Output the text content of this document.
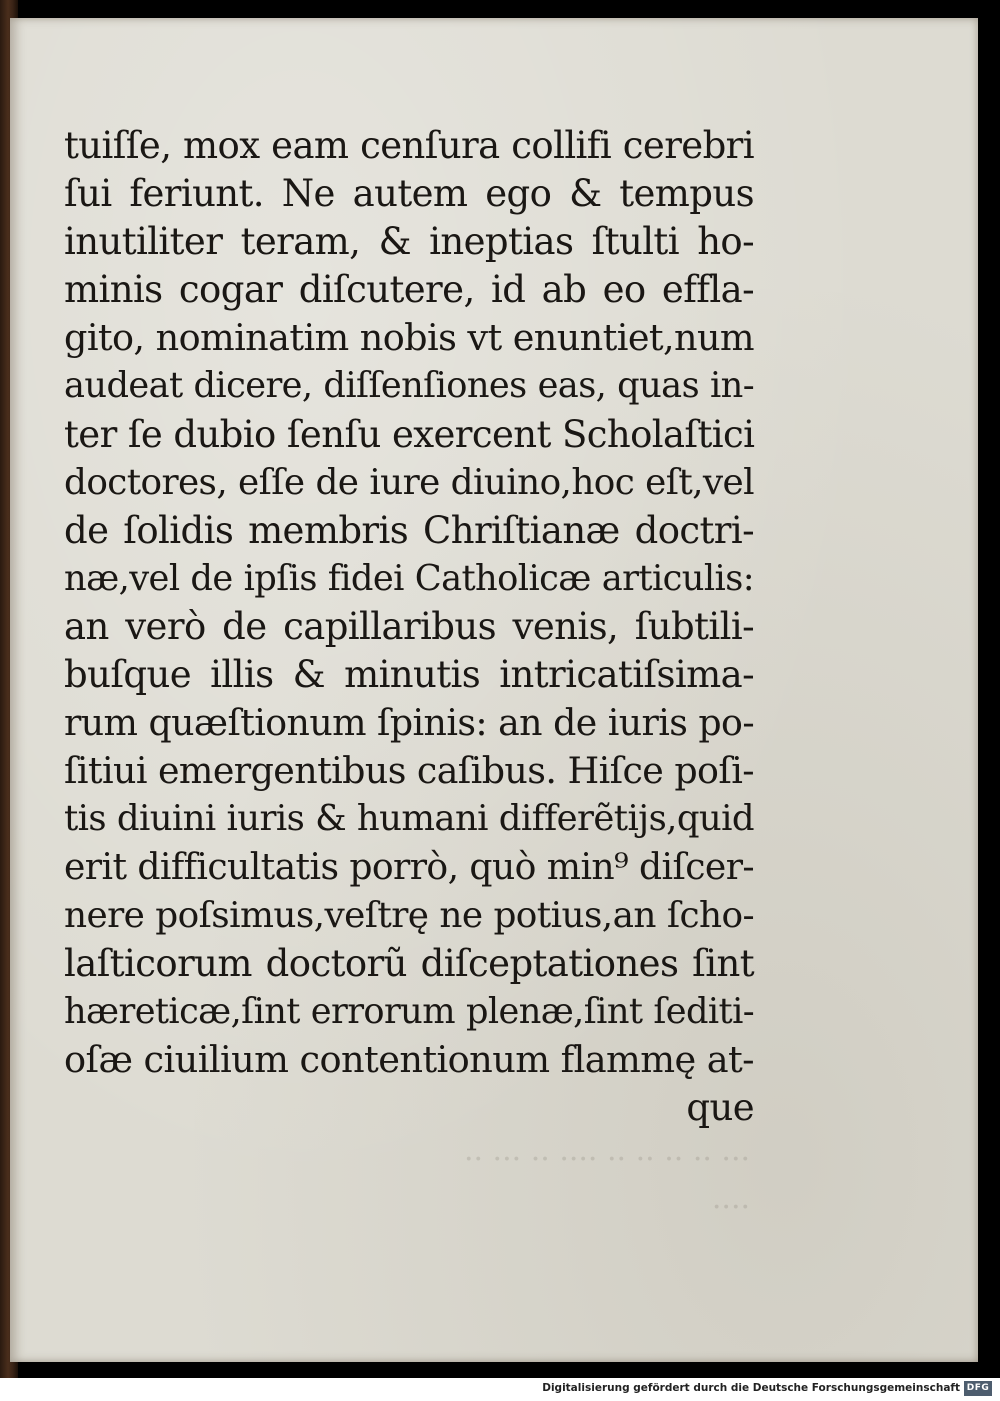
tuiſſe, mox eam cenſura collifi cerebri
ſui feriunt. Ne autem ego & tempus
inutiliter teram, & ineptias ſtulti ho-
minis cogar diſcutere, id ab eo effla-
gito, nominatim nobis vt enuntiet,num
audeat dicere, diſſenſiones eas, quas in-
ter ſe dubio ſenſu exercent Scholaſtici
doctores, eſſe de iure diuino,hoc eſt,vel
de ſolidis membris Chriſtianæ doctri-
næ,vel de ipſis fidei Catholicæ articulis:
an verò de capillaribus venis, ſubtili-
buſque illis & minutis intricatiſsima-
rum quæſtionum ſpinis: an de iuris po-
ſitiui emergentibus caſibus. Hiſce poſi-
tis diuini iuris & humani differẽtijs,quid
erit difficultatis porrò, quò min⁹ diſcer-
nere poſsimus,veſtrę ne potius,an ſcho-
laſticorum doctorũ diſceptationes ſint
hæreticæ,ſint errorum plenæ,ſint ſediti-
oſæ ciuilium contentionum flammę at-
que
··· ·· ·· ·· ·· ···· ·· ··· ··
····
Digitalisierung gefördert durch die Deutsche Forschungsgemeinschaft DFG
